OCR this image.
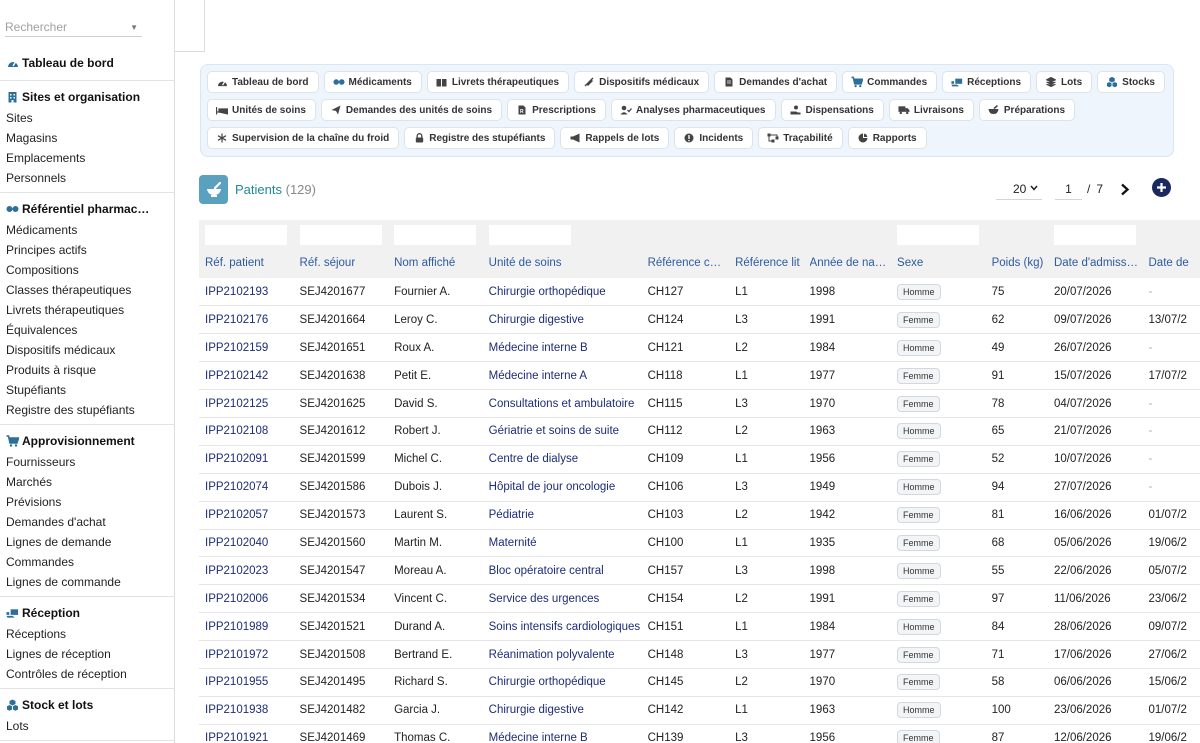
Rechercher
▼
Tableau de bord
Sites et organisation
Sites
Magasins
Emplacements
Personnels
Référentiel pharmac…
Médicaments
Principes actifs
Compositions
Classes thérapeutiques
Livrets thérapeutiques
Équivalences
Dispositifs médicaux
Produits à risque
Stupéfiants
Registre des stupéfiants
Approvisionnement
Fournisseurs
Marchés
Prévisions
Demandes d'achat
Lignes de demande
Commandes
Lignes de commande
Réception
Réceptions
Lignes de réception
Contrôles de réception
Stock et lots
Lots
Tableau de bord	Médicaments	Livrets thérapeutiques	Dispositifs médicaux	Demandes d'achat	Commandes	Réceptions	Lots	Stocks
Unités de soins	Demandes des unités de soins	R Prescriptions	Analyses pharmaceutiques	Dispensations	Livraisons	Préparations
Supervision de la chaîne du froid	Registre des stupéfiants	Rappels de lots	Incidents	Traçabilité	Rapports
Patients (129)	20	1	/ 7
Réf. patient	Réf. séjour	Nom affiché	Unité de soins	Référence c…	Référence lit	Année de na…	Sexe	Poids (kg)	Date d'admiss…	Date de

IPP2102193	SEJ4201677	Fournier A.	Chirurgie orthopédique	CH127	L1	1998	Homme	75	20/07/2026	-
IPP2102176	SEJ4201664	Leroy C.	Chirurgie digestive	CH124	L3	1991	Femme	62	09/07/2026	13/07/2
IPP2102159	SEJ4201651	Roux A.	Médecine interne B	CH121	L2	1984	Homme	49	26/07/2026	-
IPP2102142	SEJ4201638	Petit E.	Médecine interne A	CH118	L1	1977	Femme	91	15/07/2026	17/07/2
IPP2102125	SEJ4201625	David S.	Consultations et ambulatoire	CH115	L3	1970	Femme	78	04/07/2026	-
IPP2102108	SEJ4201612	Robert J.	Gériatrie et soins de suite	CH112	L2	1963	Homme	65	21/07/2026	-
IPP2102091	SEJ4201599	Michel C.	Centre de dialyse	CH109	L1	1956	Femme	52	10/07/2026	-
IPP2102074	SEJ4201586	Dubois J.	Hôpital de jour oncologie	CH106	L3	1949	Homme	94	27/07/2026	-
IPP2102057	SEJ4201573	Laurent S.	Pédiatrie	CH103	L2	1942	Femme	81	16/06/2026	01/07/2
IPP2102040	SEJ4201560	Martin M.	Maternité	CH100	L1	1935	Femme	68	05/06/2026	19/06/2
IPP2102023	SEJ4201547	Moreau A.	Bloc opératoire central	CH157	L3	1998	Homme	55	22/06/2026	05/07/2
IPP2102006	SEJ4201534	Vincent C.	Service des urgences	CH154	L2	1991	Femme	97	11/06/2026	23/06/2
IPP2101989	SEJ4201521	Durand A.	Soins intensifs cardiologiques	CH151	L1	1984	Homme	84	28/06/2026	09/07/2
IPP2101972	SEJ4201508	Bertrand E.	Réanimation polyvalente	CH148	L3	1977	Femme	71	17/06/2026	27/06/2
IPP2101955	SEJ4201495	Richard S.	Chirurgie orthopédique	CH145	L2	1970	Femme	58	06/06/2026	15/06/2
IPP2101938	SEJ4201482	Garcia J.	Chirurgie digestive	CH142	L1	1963	Homme	100	23/06/2026	01/07/2
IPP2101921	SEJ4201469	Thomas C.	Médecine interne B	CH139	L3	1956	Femme	87	12/06/2026	19/06/2
